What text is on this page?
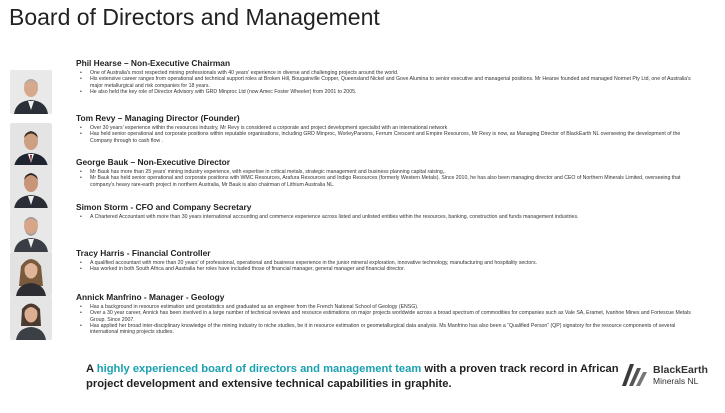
Board of Directors and Management
Phil Hearse – Non-Executive Chairman
• One of Australia's most respected mining professionals with 40 years' experience in diverse and challenging projects around the world.
• His extensive career ranges from operational and technical support roles at Broken Hill, Bougainville Copper, Queensland Nickel and Gove Alumina to senior executive and managerial positions. Mr Hearse founded and managed Normet Pty Ltd, one of Australia's major metallurgical and risk companies for 18 years.
• He also held the key role of Director Advisory with GRD Minproc Ltd (now Amec Foster Wheeler) from 2001 to 2005.
Tom Revy – Managing Director (Founder)
• Over 30 years' experience within the resources industry, Mr Revy is considered a corporate and project development specialist with an international network
• Has held senior operational and corporate positions within reputable organisations, including GRD Minproc, WorleyParsons, Ferrum Crescent and Empire Resources, Mr Revy is now, as Managing Director of BlackEarth NL overseeing the development of the Company through to cash flow .
George Bauk – Non-Executive Director
• Mr Bauk has more than 25 years' mining industry experience, with expertise in critical metals, strategic management and business planning capital raising,.
• Mr Bauk has held senior operational and corporate positions with WMC Resources, Arafura Resources and Indigo Resources (formerly Western Metals). Since 2010, he has also been managing director and CEO of Northern Minerals Limited, overseeing that company's heavy rare-earth project in northern Australia, Mr Bauk is also chairman of Lithium Australia NL.
Simon Storm - CFO and Company Secretary
• A Chartered Accountant with more than 30 years international accounting and commerce experience across listed and unlisted entities within the resources, banking, construction and funds management industries.
Tracy Harris - Financial Controller
• A qualified accountant with more than 20 years' of professional, operational and business experience in the junior mineral exploration, innovative technology, manufacturing and hospitality sectors.
• Has worked in both South Africa and Australia her roles have included those of financial manager, general manager and financial director.
Annick Manfrino - Manager - Geology
• Has a background in resource estimation and geostatistics and graduated as an engineer from the French National School of Geology (ENSG).
• Over a 30 year career, Annick has been involved in a large number of technical reviews and resource estimations on major projects worldwide across a broad spectrum of commodities for companies such as Vale SA, Eramet, Ivanhoe Mines and Fortescue Metals Group. Since 2007.
• Has applied her broad inter-disciplinary knowledge of the mining industry to niche studies, be it in resource estimation or geometallurgical data analysis. Ms Manfrino has also been a “Qualified Person” (QP) signatory for the resource components of several international mining projects studies.
A highly experienced board of directors and management team with a proven track record in African project development and extensive technical capabilities in graphite.
BlackEarth
Minerals NL
